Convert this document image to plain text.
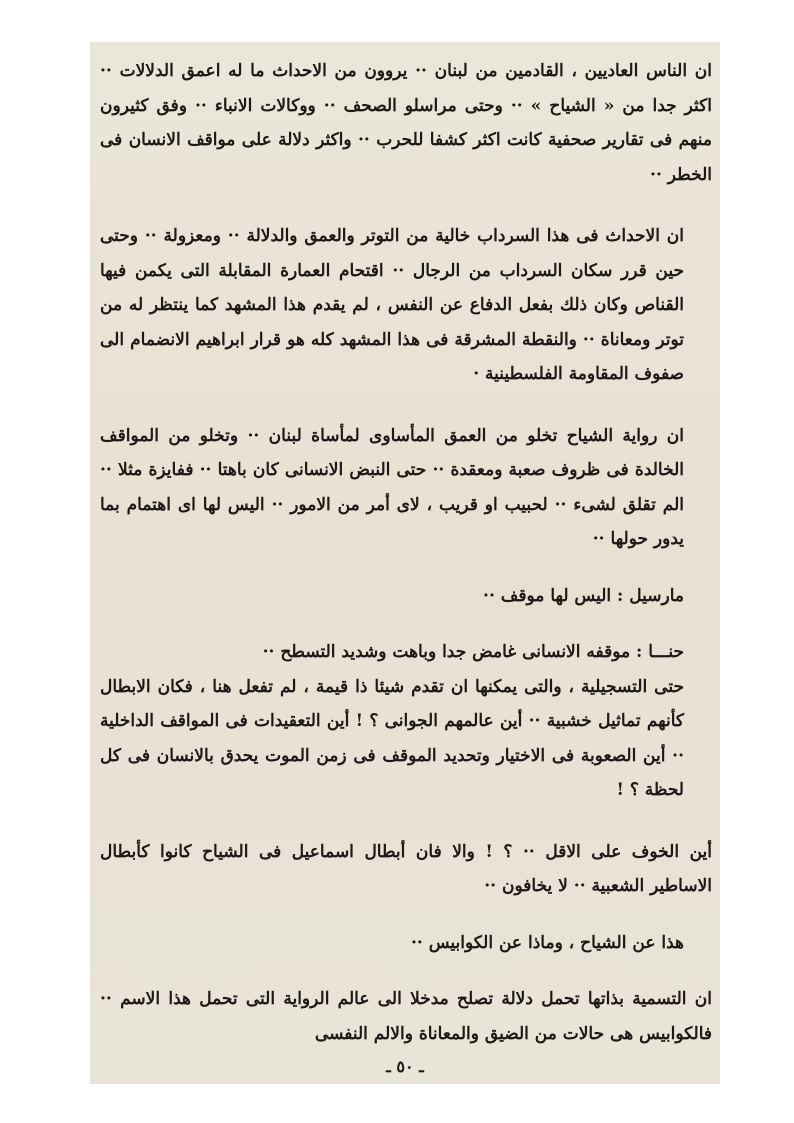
ان الناس العاديين ، القادمين من لبنان ·· يروون من الاحداث ما له اعمق الدلالات ·· اكثر جدا من « الشياح » ·· وحتى مراسلو الصحف ·· ووكالات الانباء ·· وفق كثيرون منهم فى تقارير صحفية كانت اكثر كشفا للحرب ·· واكثر دلالة على مواقف الانسان فى الخطر ··

ان الاحداث فى هذا السرداب خالية من التوتر والعمق والدلالة ·· ومعزولة ·· وحتى حين قرر سكان السرداب من الرجال ·· اقتحام العمارة المقابلة التى يكمن فيها القناص وكان ذلك بفعل الدفاع عن النفس ، لم يقدم هذا المشهد كما ينتظر له من توتر ومعاناة ·· والنقطة المشرقة فى هذا المشهد كله هو قرار ابراهيم الانضمام الى صفوف المقاومة الفلسطينية ·

ان رواية الشياح تخلو من العمق المأساوى لمأساة لبنان ·· وتخلو من المواقف الخالدة فى ظروف صعبة ومعقدة ·· حتى النبض الانسانى كان باهتا ·· ففايزة مثلا ·· الم تقلق لشىء ·· لحبيب او قريب ، لاى أمر من الامور ·· اليس لها اى اهتمام بما يدور حولها ··

مارسيل : اليس لها موقف ··

حنـــا : موقفه الانسانى غامض جدا وباهت وشديد التسطح ··

حتى التسجيلية ، والتى يمكنها ان تقدم شيئا ذا قيمة ، لم تفعل هنا ، فكان الابطال كأنهم تماثيل خشبية ·· أين عالمهم الجوانى ؟ ! أين التعقيدات فى المواقف الداخلية ·· أين الصعوبة فى الاختيار وتحديد الموقف فى زمن الموت يحدق بالانسان فى كل لحظة ؟ !

أين الخوف على الاقل ·· ؟ ! والا فان أبطال اسماعيل فى الشياح كانوا كأبطال الاساطير الشعبية ·· لا يخافون ··

هذا عن الشياح ، وماذا عن الكوابيس ··

ان التسمية بذاتها تحمل دلالة تصلح مدخلا الى عالم الرواية التى تحمل هذا الاسم ·· فالكوابيس هى حالات من الضيق والمعاناة والالم النفسى

ـ ٥٠ ـ
